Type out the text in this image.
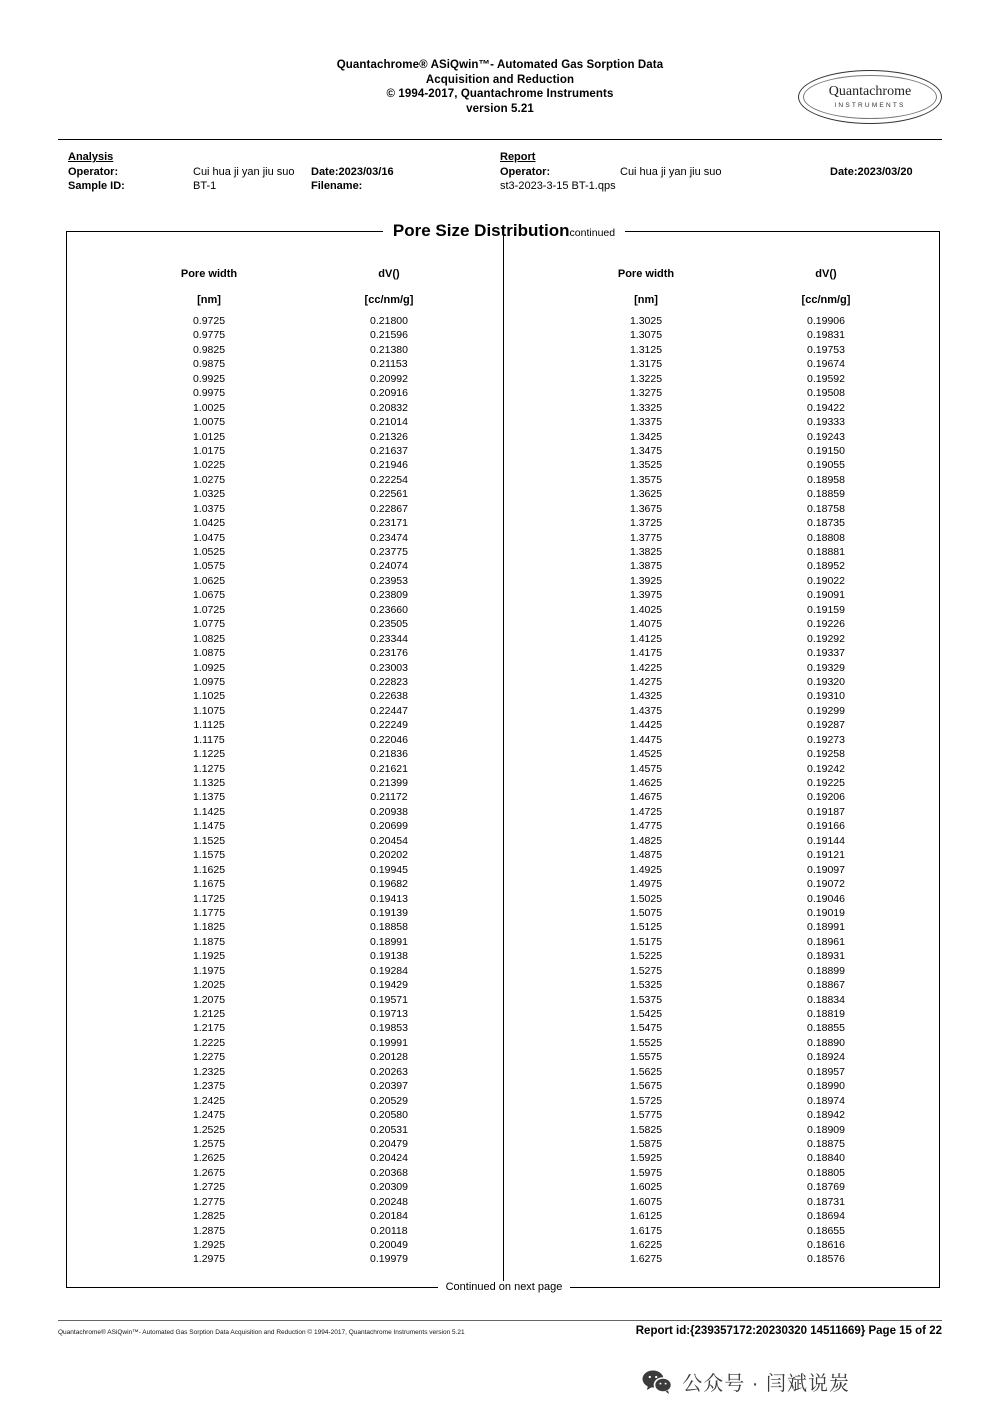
Quantachrome® ASiQwin™- Automated Gas Sorption Data
Acquisition and Reduction
© 1994-2017, Quantachrome Instruments
version 5.21
Quantachrome
INSTRUMENTS
Analysis
Operator:	Cui hua ji yan jiu suo Date:2023/03/16
Sample ID:	BT-1	Filename:
Report
Operator:	Cui hua ji yan jiu suo	Date:2023/03/20
st3-2023-3-15 BT-1.qps
Pore Size Distributioncontinued
Pore width	dV()
[nm]	[cc/nm/g]
0.9725	0.21800
0.9775	0.21596
0.9825	0.21380
0.9875	0.21153
0.9925	0.20992
0.9975	0.20916
1.0025	0.20832
1.0075	0.21014
1.0125	0.21326
1.0175	0.21637
1.0225	0.21946
1.0275	0.22254
1.0325	0.22561
1.0375	0.22867
1.0425	0.23171
1.0475	0.23474
1.0525	0.23775
1.0575	0.24074
1.0625	0.23953
1.0675	0.23809
1.0725	0.23660
1.0775	0.23505
1.0825	0.23344
1.0875	0.23176
1.0925	0.23003
1.0975	0.22823
1.1025	0.22638
1.1075	0.22447
1.1125	0.22249
1.1175	0.22046
1.1225	0.21836
1.1275	0.21621
1.1325	0.21399
1.1375	0.21172
1.1425	0.20938
1.1475	0.20699
1.1525	0.20454
1.1575	0.20202
1.1625	0.19945
1.1675	0.19682
1.1725	0.19413
1.1775	0.19139
1.1825	0.18858
1.1875	0.18991
1.1925	0.19138
1.1975	0.19284
1.2025	0.19429
1.2075	0.19571
1.2125	0.19713
1.2175	0.19853
1.2225	0.19991
1.2275	0.20128
1.2325	0.20263
1.2375	0.20397
1.2425	0.20529
1.2475	0.20580
1.2525	0.20531
1.2575	0.20479
1.2625	0.20424
1.2675	0.20368
1.2725	0.20309
1.2775	0.20248
1.2825	0.20184
1.2875	0.20118
1.2925	0.20049
1.2975	0.19979
Pore width	dV()
[nm]	[cc/nm/g]
1.3025	0.19906
1.3075	0.19831
1.3125	0.19753
1.3175	0.19674
1.3225	0.19592
1.3275	0.19508
1.3325	0.19422
1.3375	0.19333
1.3425	0.19243
1.3475	0.19150
1.3525	0.19055
1.3575	0.18958
1.3625	0.18859
1.3675	0.18758
1.3725	0.18735
1.3775	0.18808
1.3825	0.18881
1.3875	0.18952
1.3925	0.19022
1.3975	0.19091
1.4025	0.19159
1.4075	0.19226
1.4125	0.19292
1.4175	0.19337
1.4225	0.19329
1.4275	0.19320
1.4325	0.19310
1.4375	0.19299
1.4425	0.19287
1.4475	0.19273
1.4525	0.19258
1.4575	0.19242
1.4625	0.19225
1.4675	0.19206
1.4725	0.19187
1.4775	0.19166
1.4825	0.19144
1.4875	0.19121
1.4925	0.19097
1.4975	0.19072
1.5025	0.19046
1.5075	0.19019
1.5125	0.18991
1.5175	0.18961
1.5225	0.18931
1.5275	0.18899
1.5325	0.18867
1.5375	0.18834
1.5425	0.18819
1.5475	0.18855
1.5525	0.18890
1.5575	0.18924
1.5625	0.18957
1.5675	0.18990
1.5725	0.18974
1.5775	0.18942
1.5825	0.18909
1.5875	0.18875
1.5925	0.18840
1.5975	0.18805
1.6025	0.18769
1.6075	0.18731
1.6125	0.18694
1.6175	0.18655
1.6225	0.18616
1.6275	0.18576
Continued on next page
Quantachrome® ASiQwin™- Automated Gas Sorption Data Acquisition and Reduction © 1994-2017, Quantachrome Instruments version 5.21	Report id:{239357172:20230320 14511669} Page 15 of 22
公众号 · 闫斌说炭
